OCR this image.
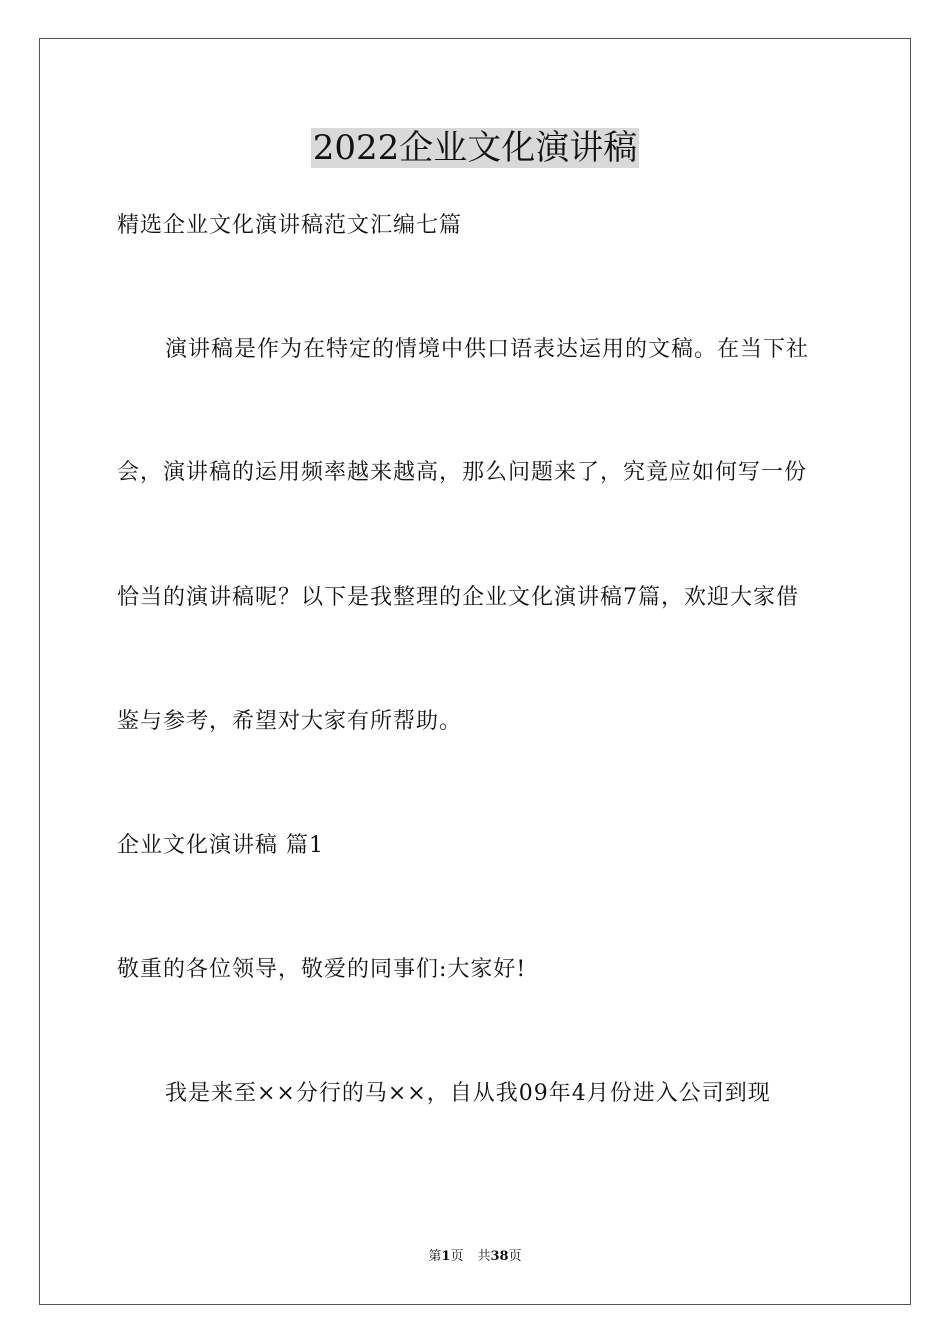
2022企业文化演讲稿
精选企业文化演讲稿范文汇编七篇
演讲稿是作为在特定的情境中供口语表达运用的文稿。在当下社
会，演讲稿的运用频率越来越高，那么问题来了，究竟应如何写一份
恰当的演讲稿呢？以下是我整理的企业文化演讲稿7篇，欢迎大家借
鉴与参考，希望对大家有所帮助。
企业文化演讲稿 篇1
敬重的各位领导，敬爱的同事们:大家好!
我是来至××分行的马××，自从我09年4月份进入公司到现
第1页 共38页
